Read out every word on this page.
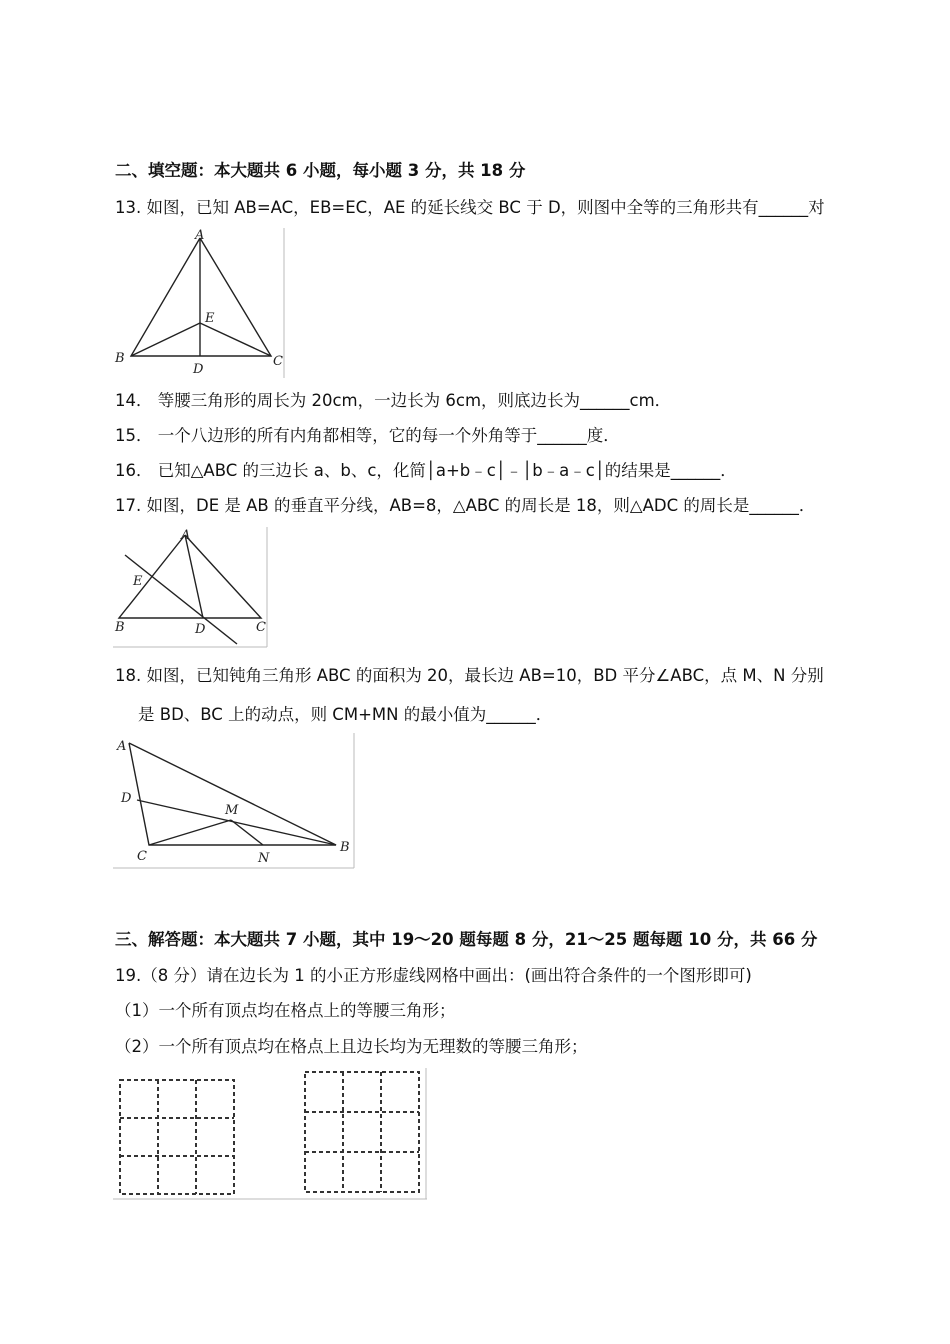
二、填空题：本大题共 6 小题，每小题 3 分，共 18 分
13. 如图，已知 AB=AC，EB=EC，AE 的延长线交 BC 于 D，则图中全等的三角形共有______对
A
B	C
D
E
14． 等腰三角形的周长为 20cm，一边长为 6cm，则底边长为______cm．
15． 一个八边形的所有内角都相等，它的每一个外角等于______度．
16． 已知△ABC 的三边长 a、b、c，化简│a+b﹣c│﹣│b﹣a﹣c│的结果是______．
17. 如图，DE 是 AB 的垂直平分线，AB=8，△ABC 的周长是 18，则△ADC 的周长是______．
A
B	C
D
E
18. 如图，已知钝角三角形 ABC 的面积为 20，最长边 AB=10，BD 平分∠ABC，点 M、N 分别
是 BD、BC 上的动点，则 CM+MN 的最小值为______．
A
B
C
D
M
N
三、解答题：本大题共 7 小题，其中 19～20 题每题 8 分，21～25 题每题 10 分，共 66 分
19.（8 分）请在边长为 1 的小正方形虚线网格中画出：(画出符合条件的一个图形即可)
（1）一个所有顶点均在格点上的等腰三角形；
（2）一个所有顶点均在格点上且边长均为无理数的等腰三角形；
